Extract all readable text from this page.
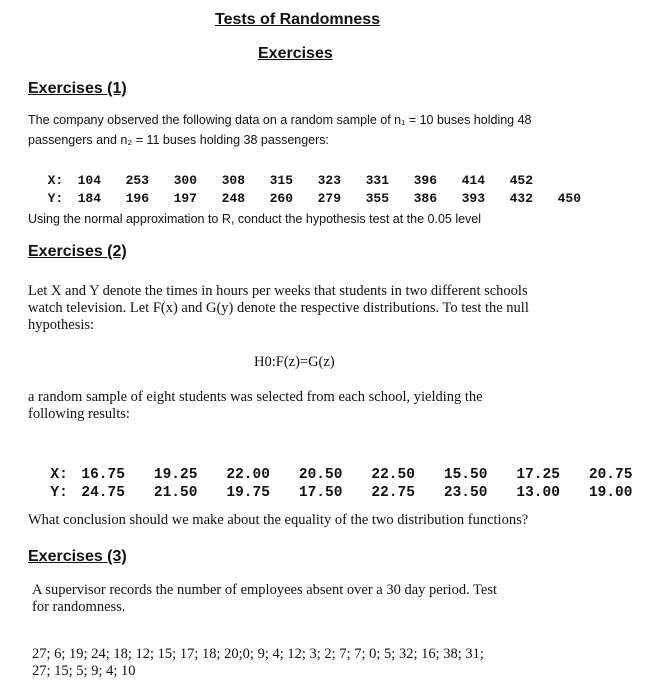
Tests of Randomness
Exercises
Exercises (1)
The company observed the following data on a random sample of n₁ = 10 buses holding 48
passengers and n₂ = 11 buses holding 38 passengers:

X: 104 253 300 308 315 323 331 396 414 452

Y: 184 196 197 248 260 279 355 386 393 432 450

Using the normal approximation to R, conduct the hypothesis test at the 0.05 level
Exercises (2)
Let X and Y denote the times in hours per weeks that students in two different schools
watch television. Let F(x) and G(y) denote the respective distributions. To test the null
hypothesis:
H0:F(z)=G(z)
a random sample of eight students was selected from each school, yielding the
following results:

X: 16.75 19.25 22.00 20.50 22.50 15.50 17.25 20.75

Y: 24.75 21.50 19.75 17.50 22.75 23.50 13.00 19.00

What conclusion should we make about the equality of the two distribution functions?
Exercises (3)
A supervisor records the number of employees absent over a 30 day period. Test
for randomness.
27; 6; 19; 24; 18; 12; 15; 17; 18; 20;0; 9; 4; 12; 3; 2; 7; 7; 0; 5; 32; 16; 38; 31;
27; 15; 5; 9; 4; 10
